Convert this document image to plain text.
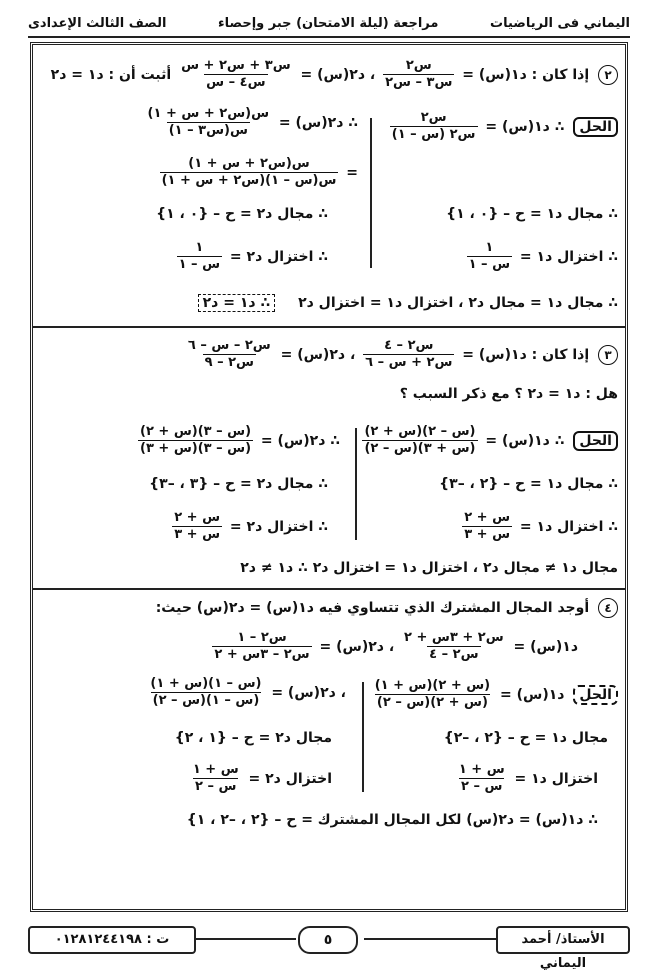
اليماني فى الرياضيات
مراجعة (ليلة الامتحان) جبر وإحصاء
الصف الثالث الإعدادى
٢ إذا كان : د١(س) =
$\frac{\text{س٢}}{\text{س٣ – س٢}}$
، د٢(س) =
$\frac{\text{س٣ + س٢ + س}}{\text{س٤ – س}}$
أثبت أن : د١ = د٢
الحل ∴ د١(س) =
$\frac{\text{س٢}}{\text{س٢ (س – ١)}}$
∴ مجال د١ = ح – {٠ ، ١}
∴ اختزال د١ =
$\frac{١}{\text{س – ١}}$
∴ د٢(س) =
$\frac{\text{س(س٢ + س + ١)}}{\text{س(س٣ – ١)}}$
=
$\frac{\text{س(س٢ + س + ١)}}{\text{س(س – ١)(س٢ + س + ١)}}$
∴ مجال د٢ = ح – {٠ ، ١}
∴ اختزال د٢ =
$\frac{١}{\text{س – ١}}$
∴ مجال د١ = مجال د٢ ، اختزال د١ = اختزال د٢ ∴ د١ = د٢
٣ إذا كان : د١(س) =
$\frac{\text{س٢ – ٤}}{\text{س٢ + س – ٦}}$
، د٢(س) =
$\frac{\text{س٢ – س – ٦}}{\text{س٢ – ٩}}$
هل : د١ = د٢ ؟ مع ذكر السبب ؟
الحل ∴ د١(س) =
$\frac{\text{(س – ٢)(س + ٢)}}{\text{(س + ٣)(س – ٢)}}$
∴ مجال د١ = ح – {٢ ، –٣}
∴ اختزال د١ =
$\frac{\text{س + ٢}}{\text{س + ٣}}$
∴ د٢(س) =
$\frac{\text{(س – ٣)(س + ٢)}}{\text{(س – ٣)(س + ٣)}}$
∴ مجال د٢ = ح – {٣ ، –٣}
∴ اختزال د٢ =
$\frac{\text{س + ٢}}{\text{س + ٣}}$
مجال د١ ≠ مجال د٢ ، اختزال د١ = اختزال د٢ ∴ د١ ≠ د٢
٤ أوجد المجال المشترك الذي تتساوي فيه د١(س) = د٢(س) حيث:
د١(س) =
$\frac{\text{س٢ + ٣س + ٢}}{\text{س٢ – ٤}}$
، د٢(س) =
$\frac{\text{س٢ – ١}}{\text{س٢ – ٣س + ٢}}$
الحل د١(س) =
$\frac{\text{(س + ٢)(س + ١)}}{\text{(س + ٢)(س – ٢)}}$
مجال د١ = ح – {٢ ، –٢}
اختزال د١ =
$\frac{\text{س + ١}}{\text{س – ٢}}$
، د٢(س) =
$\frac{\text{(س – ١)(س + ١)}}{\text{(س – ١)(س – ٢)}}$
مجال د٢ = ح – {١ ، ٢}
اختزال د٢ =
$\frac{\text{س + ١}}{\text{س – ٢}}$
∴ د١(س) = د٢(س) لكل المجال المشترك = ح – {٢ ، –٢ ، ١}
الأستاذ/ أحمد اليماني
٥
ت : ٠١٢٨١٢٤٤١٩٨
